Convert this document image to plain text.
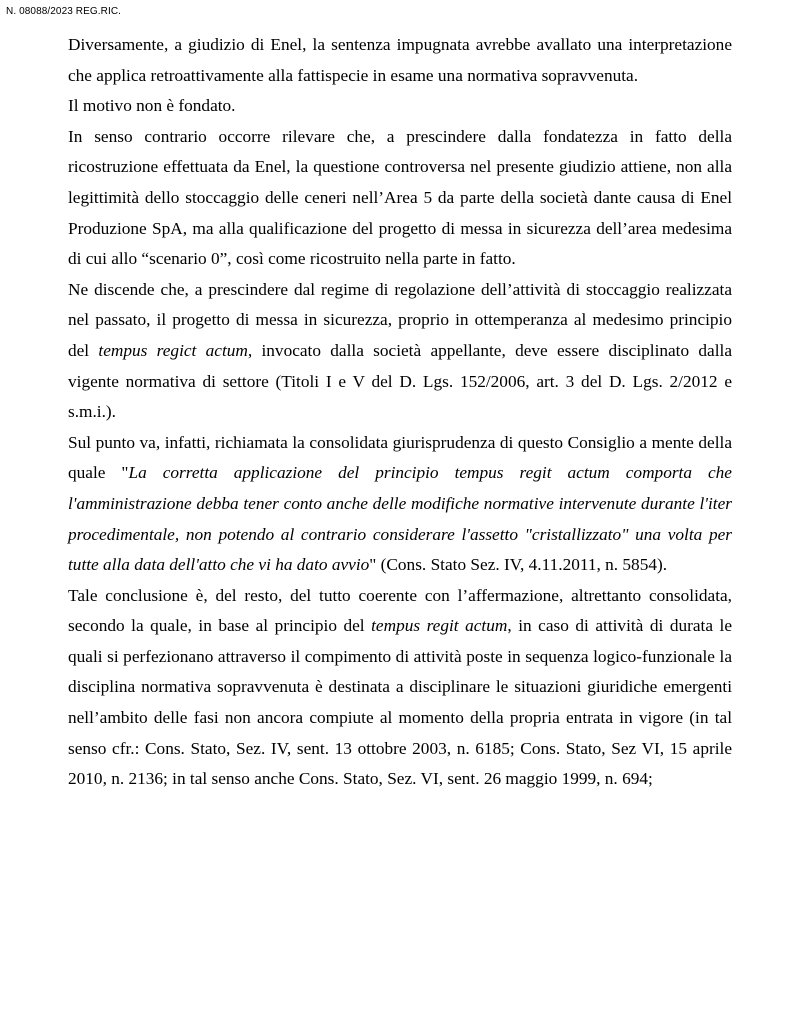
N. 08088/2023 REG.RIC.

Diversamente, a giudizio di Enel, la sentenza impugnata avrebbe avallato una interpretazione che applica retroattivamente alla fattispecie in esame una normativa sopravvenuta.

Il motivo non è fondato.

In senso contrario occorre rilevare che, a prescindere dalla fondatezza in fatto della ricostruzione effettuata da Enel, la questione controversa nel presente giudizio attiene, non alla legittimità dello stoccaggio delle ceneri nell’Area 5 da parte della società dante causa di Enel Produzione SpA, ma alla qualificazione del progetto di messa in sicurezza dell’area medesima di cui allo “scenario 0”, così come ricostruito nella parte in fatto.

Ne discende che, a prescindere dal regime di regolazione dell’attività di stoccaggio realizzata nel passato, il progetto di messa in sicurezza, proprio in ottemperanza al medesimo principio del tempus regict actum, invocato dalla società appellante, deve essere disciplinato dalla vigente normativa di settore (Titoli I e V del D. Lgs. 152/2006, art. 3 del D. Lgs. 2/2012 e s.m.i.).

Sul punto va, infatti, richiamata la consolidata giurisprudenza di questo Consiglio a mente della quale "La corretta applicazione del principio tempus regit actum comporta che l'amministrazione debba tener conto anche delle modifiche normative intervenute durante l'iter procedimentale, non potendo al contrario considerare l'assetto "cristallizzato" una volta per tutte alla data dell'atto che vi ha dato avvio" (Cons. Stato Sez. IV, 4.11.2011, n. 5854).

Tale conclusione è, del resto, del tutto coerente con l’affermazione, altrettanto consolidata, secondo la quale, in base al principio del tempus regit actum, in caso di attività di durata le quali si perfezionano attraverso il compimento di attività poste in sequenza logico-funzionale la disciplina normativa sopravvenuta è destinata a disciplinare le situazioni giuridiche emergenti nell’ambito delle fasi non ancora compiute al momento della propria entrata in vigore (in tal senso cfr.: Cons. Stato, Sez. IV, sent. 13 ottobre 2003, n. 6185; Cons. Stato, Sez VI, 15 aprile 2010, n. 2136; in tal senso anche Cons. Stato, Sez. VI, sent. 26 maggio 1999, n. 694;
